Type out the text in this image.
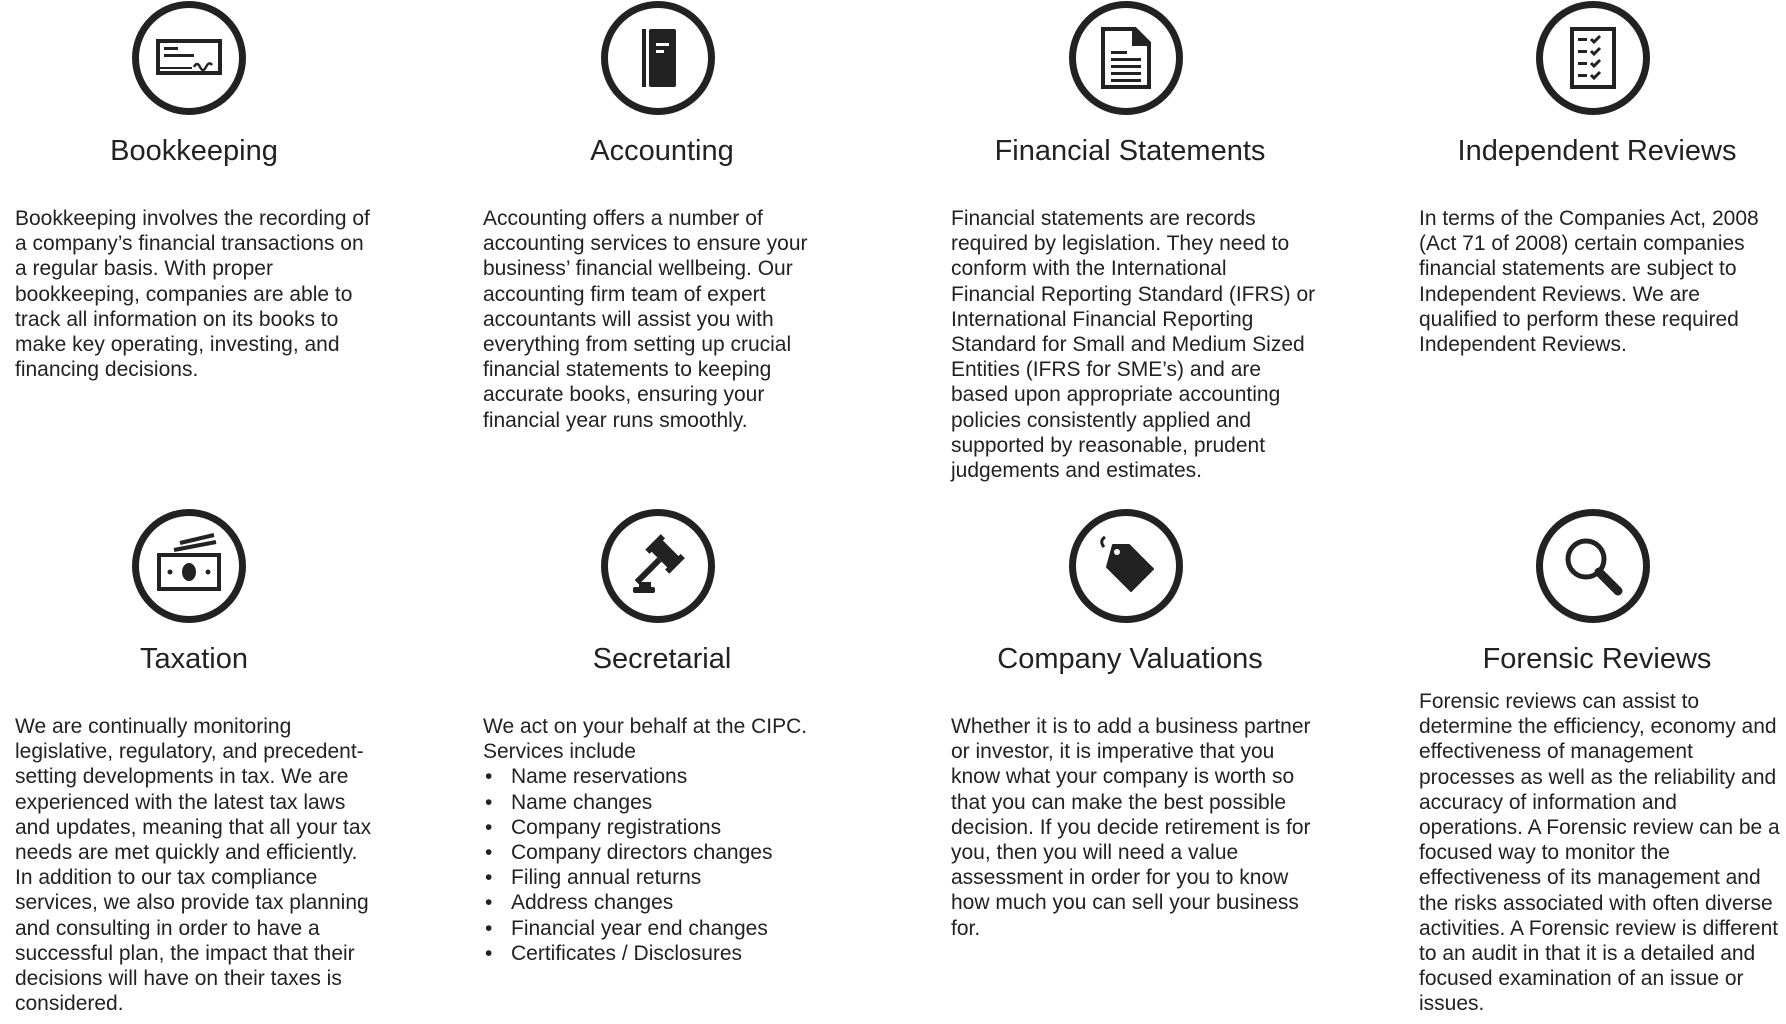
Bookkeeping
Bookkeeping involves the recording of a company’s financial transactions on a regular basis. With proper bookkeeping, companies are able to track all information on its books to make key operating, investing, and financing decisions.
Accounting
Accounting offers a number of accounting services to ensure your business’ financial wellbeing. Our accounting firm team of expert accountants will assist you with everything from setting up crucial financial statements to keeping accurate books, ensuring your financial year runs smoothly.
Financial Statements
Financial statements are records required by legislation. They need to conform with the International Financial Reporting Standard (IFRS) or International Financial Reporting Standard for Small and Medium Sized Entities (IFRS for SME’s) and are based upon appropriate accounting policies consistently applied and supported by reasonable, prudent judgements and estimates.
Independent Reviews
In terms of the Companies Act, 2008 (Act 71 of 2008) certain companies financial statements are subject to Independent Reviews. We are qualified to perform these required Independent Reviews.
Taxation
We are continually monitoring legislative, regulatory, and precedent-setting developments in tax. We are experienced with the latest tax laws and updates, meaning that all your tax needs are met quickly and efficiently. In addition to our tax compliance services, we also provide tax planning and consulting in order to have a successful plan, the impact that their decisions will have on their taxes is considered.
Secretarial

We act on your behalf at the CIPC.

Services include

• Name reservations
• Name changes
• Company registrations
• Company directors changes
• Filing annual returns
• Address changes
• Financial year end changes
• Certificates / Disclosures
Company Valuations
Whether it is to add a business partner or investor, it is imperative that you know what your company is worth so that you can make the best possible decision. If you decide retirement is for you, then you will need a value assessment in order for you to know how much you can sell your business for.
Forensic Reviews
Forensic reviews can assist to determine the efficiency, economy and effectiveness of management processes as well as the reliability and accuracy of information and operations. A Forensic review can be a focused way to monitor the effectiveness of its management and the risks associated with often diverse activities. A Forensic review is different to an audit in that it is a detailed and focused examination of an issue or issues.
